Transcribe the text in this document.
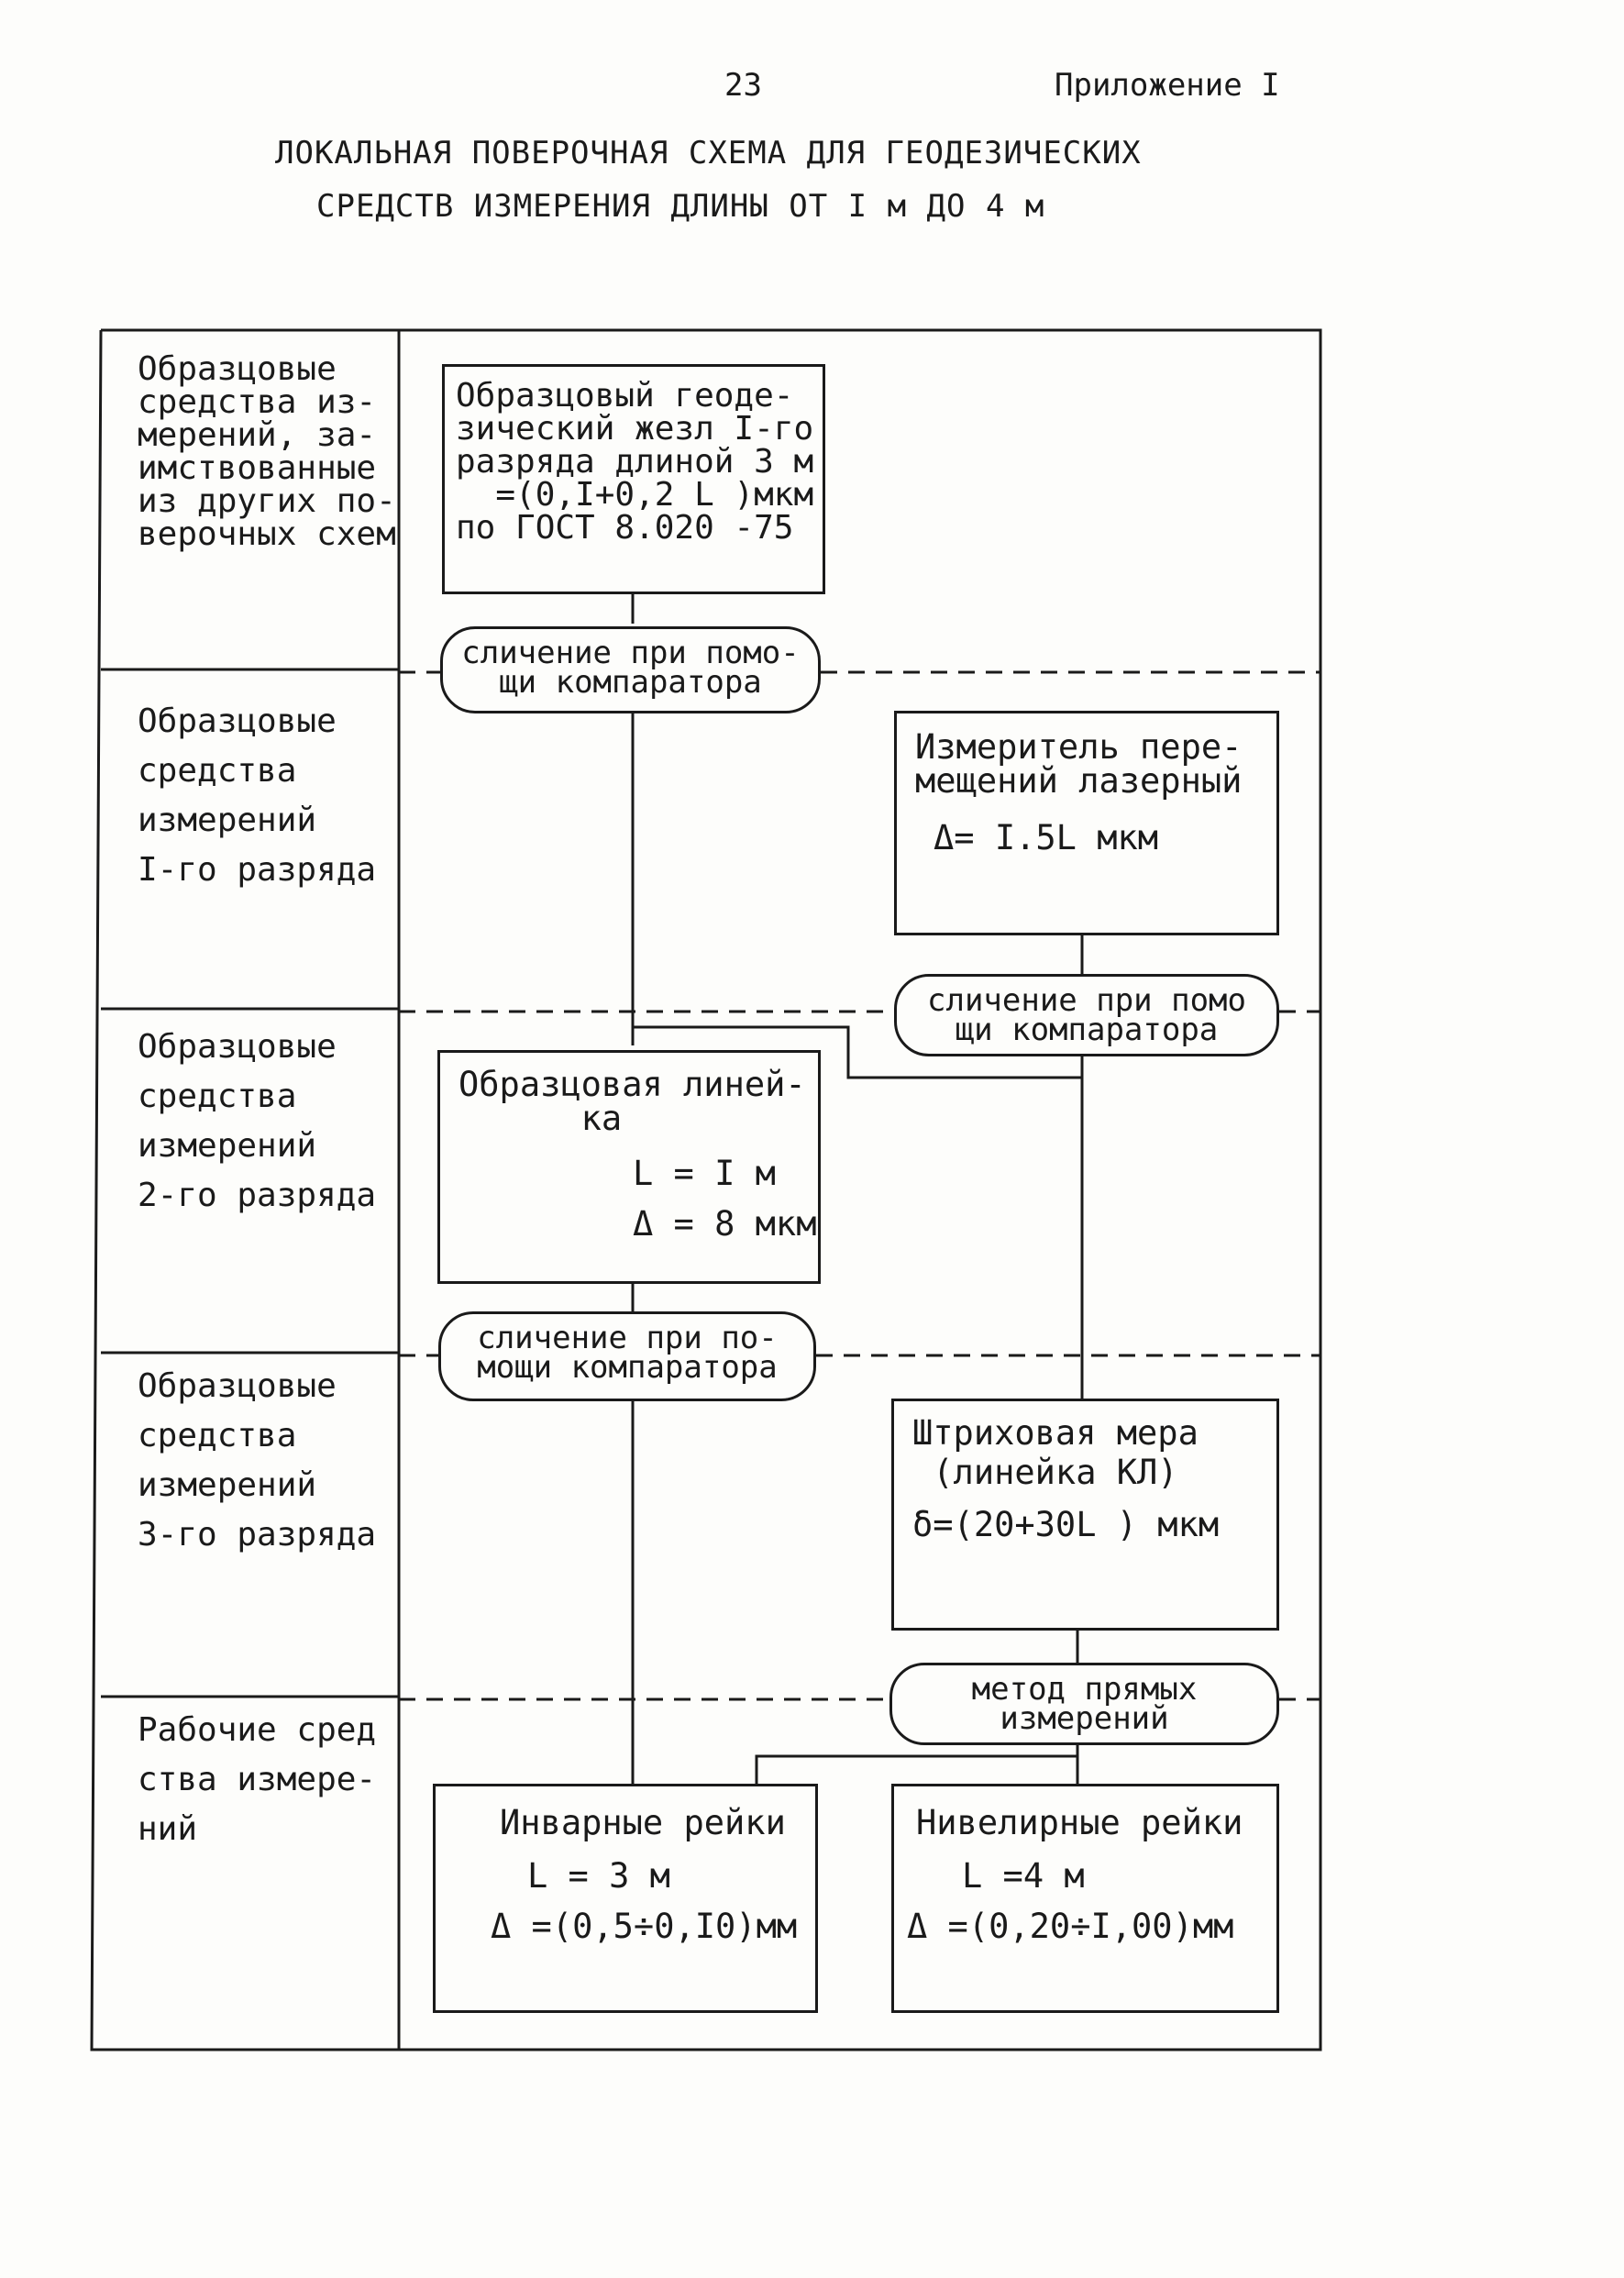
23	Приложение I
ЛОКАЛЬНАЯ ПОВЕРОЧНАЯ СХЕМА ДЛЯ ГЕОДЕЗИЧЕСКИХ
СРЕДСТВ ИЗМЕРЕНИЯ ДЛИНЫ ОТ I м ДО 4 м
Образцовые
средства из-
мерений, за-
имствованные
из других по-
верочных схем
Образцовые
средства
измерений
I-го разряда
Образцовые
средства
измерений
2-го разряда
Образцовые
средства
измерений
3-го разряда
Рабочие сред
ства измере-
ний
Образцовый геоде-
зический жезл I-го
разряда длиной 3 м
=(0,I+0,2 L )мкм
по ГОСТ 8.020 -75
сличение при помо-
щи компаратора
Измеритель пере-
мещений лазерный
Δ= I.5L мкм
сличение при помо
щи компаратора
Образцовая линей-
ка
L = I м
Δ = 8 мкм
сличение при по-
мощи компаратора
Штриховая мера
(линейка КЛ)
δ=(20+30L ) мкм
метод прямых
измерений
Инварные рейки
L = 3 м
Δ =(0,5÷0,I0)мм
Нивелирные рейки
L =4 м
Δ =(0,20÷I,00)мм
